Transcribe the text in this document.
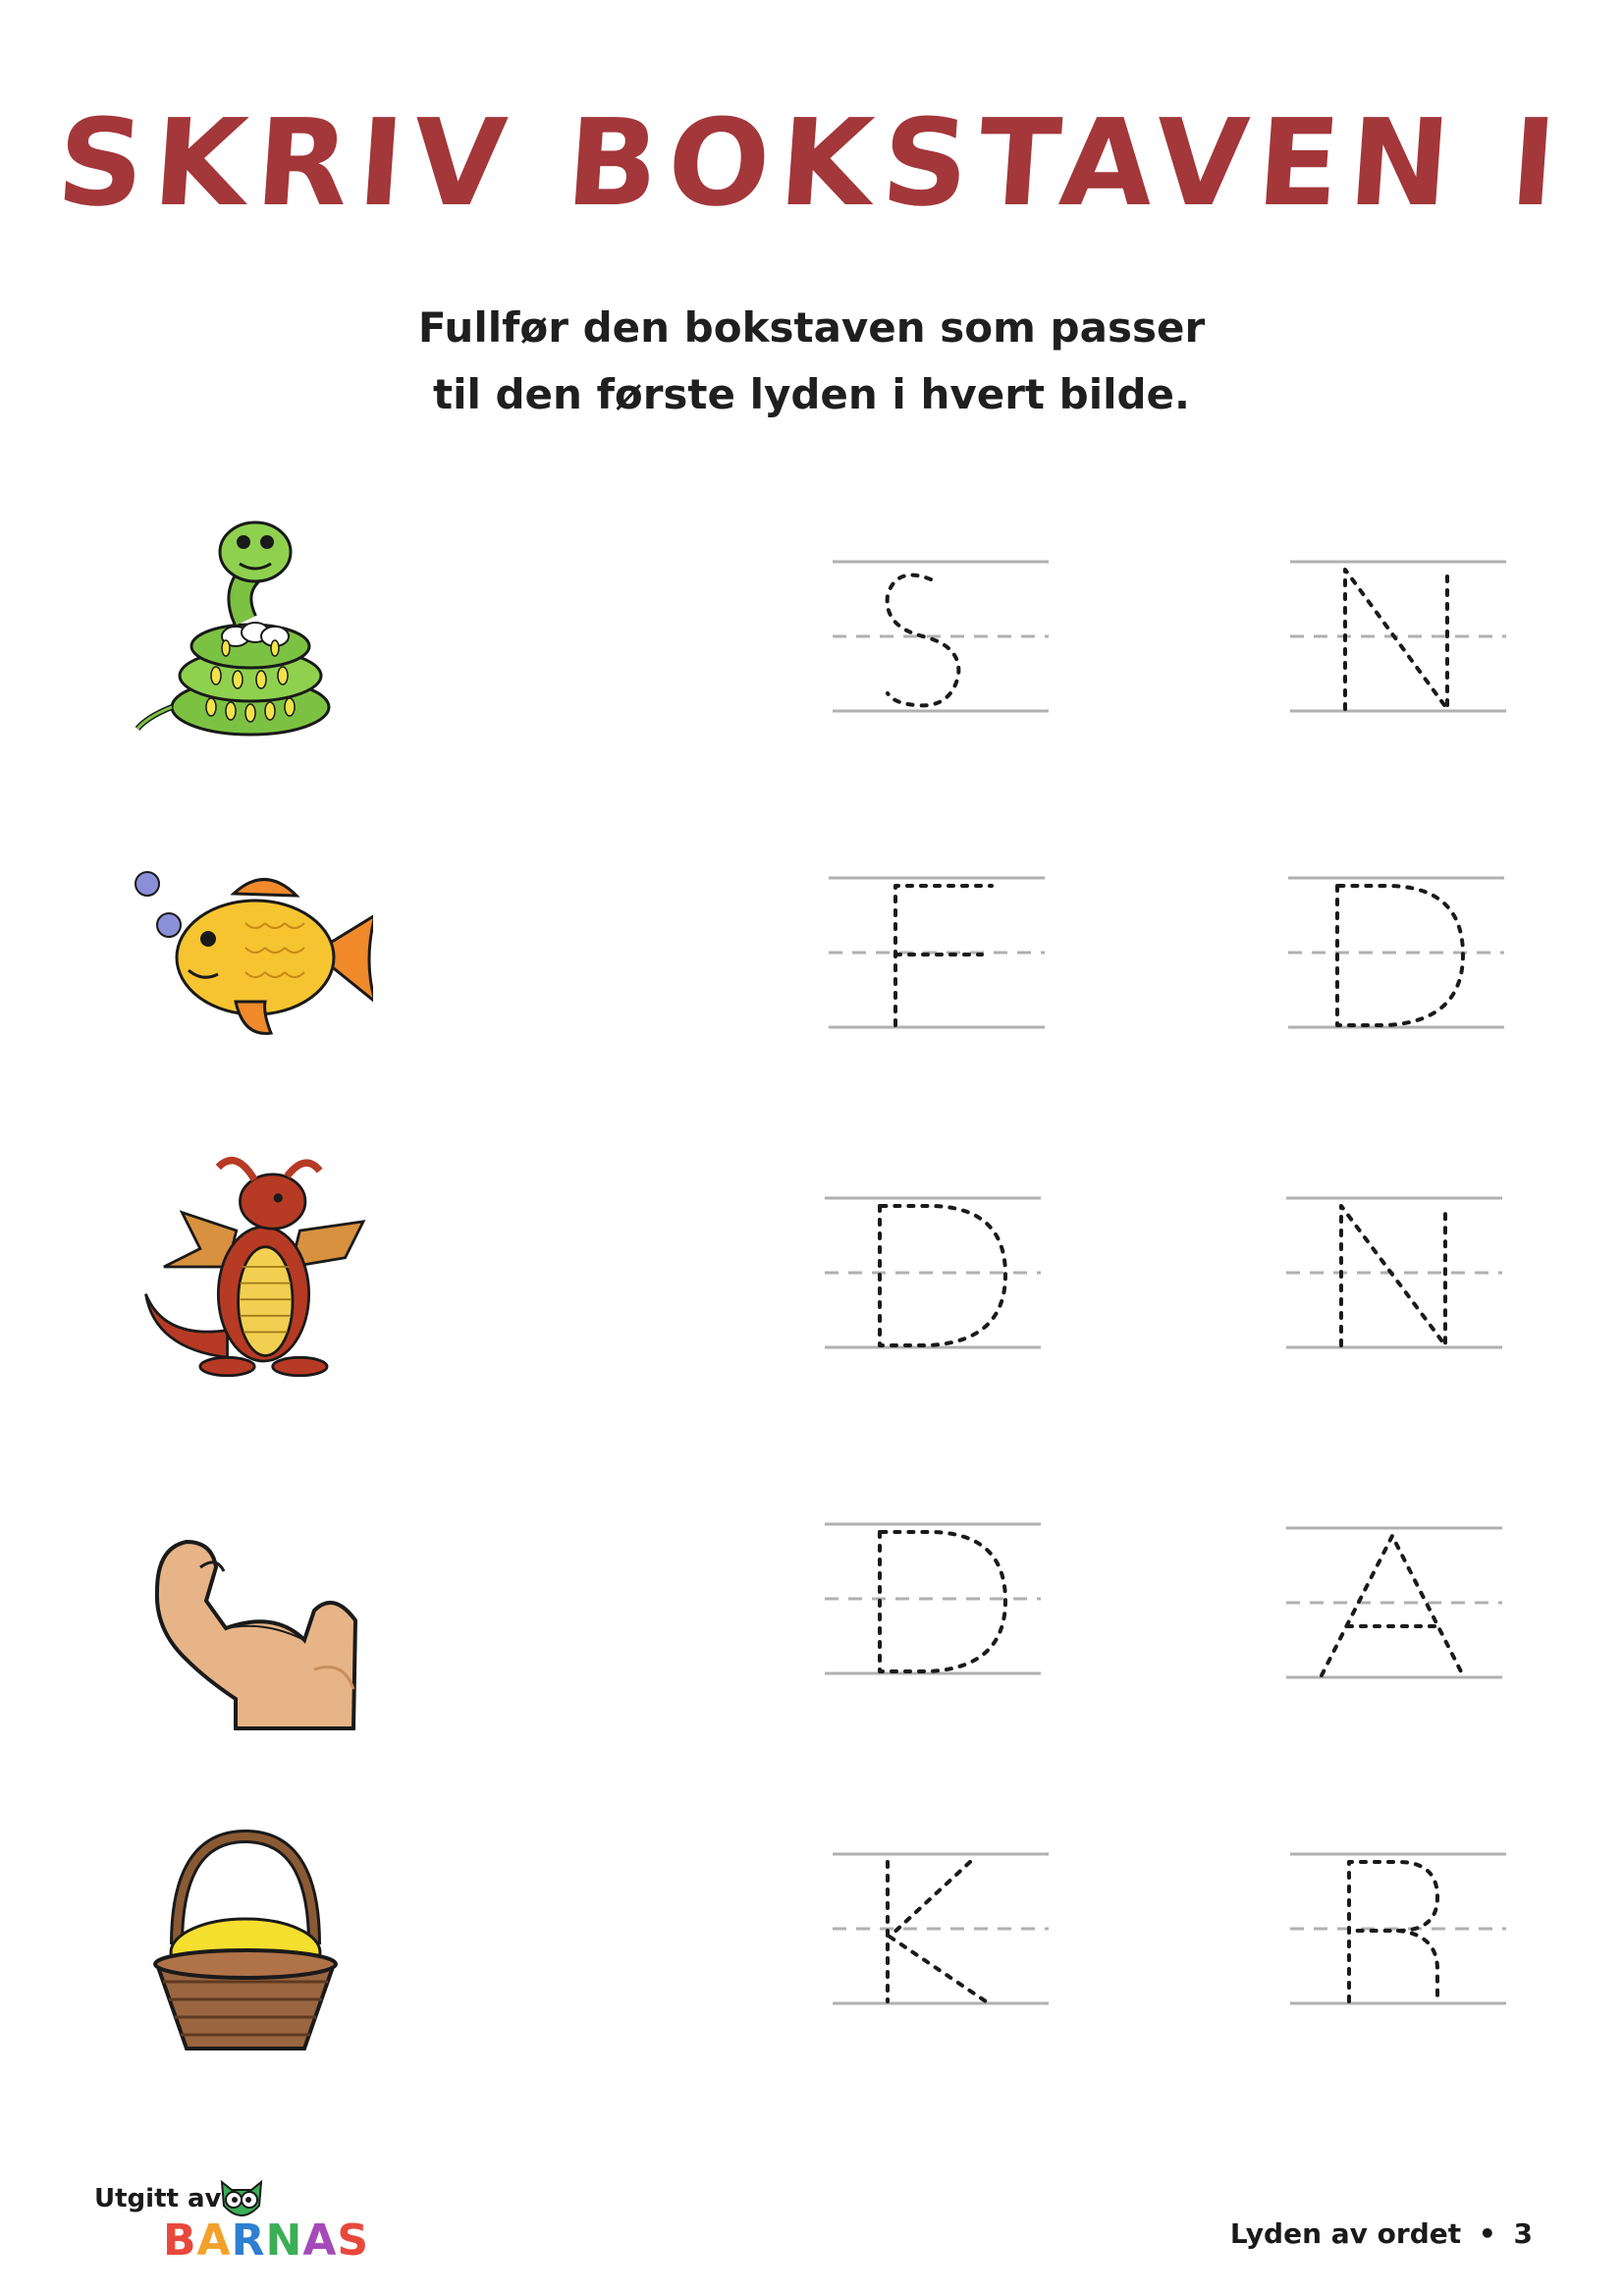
SKRIV BOKSTAVEN I
Fullfør den bokstaven som passer
til den første lyden i hvert bilde.
Utgitt av
BARNAS	Lyden av ordet • 3
